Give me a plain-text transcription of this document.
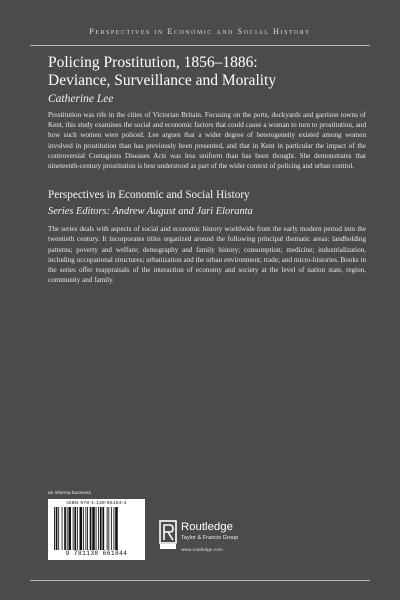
Perspectives in Economic and Social History
Policing Prostitution, 1856–1886:
Deviance, Surveillance and Morality
Catherine Lee

Prostitution was rife in the cities of Victorian Britain. Focusing on the ports, dockyards and garrison towns of Kent, this study examines the social and economic factors that could cause a woman to turn to prostitution, and how such women were policed. Lee argues that a wider degree of heterogeneity existed among women involved in prostitution than has previously been presented, and that in Kent in particular the impact of the controversial Contagious Diseases Acts was less uniform than has been thought. She demonstrates that nineteenth-century prostitution is best understood as part of the wider context of policing and urban control.

Perspectives in Economic and Social History
Series Editors: Andrew August and Jari Eloranta

The series deals with aspects of social and economic history worldwide from the early modern period into the twentieth century. It incorporates titles organized around the following principal thematic areas: landholding patterns; poverty and welfare; demography and family history; consumption; medicine; industrialization, including occupational structures; urbanization and the urban environment; trade; and micro-histories. Books in the series offer reappraisals of the interaction of economy and society at the level of nation state, region, community and family.

an informa business
ISBN 978-1-138-66184-4
9 781138 661844
Routledge
Taylor & Francis Group
www.routledge.com
